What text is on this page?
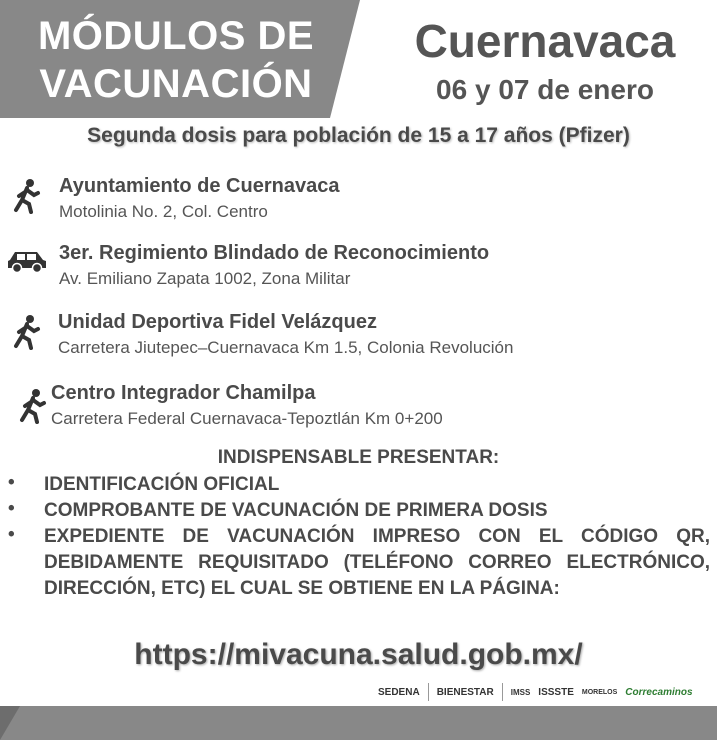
MÓDULOS DE
VACUNACIÓN
Cuernavaca
06 y 07 de enero
Segunda dosis para población de 15 a 17 años (Pfizer)
Ayuntamiento de Cuernavaca
Motolinia No. 2, Col. Centro
3er. Regimiento Blindado de Reconocimiento
Av. Emiliano Zapata 1002, Zona Militar
Unidad Deportiva Fidel Velázquez
Carretera Jiutepec–Cuernavaca Km 1.5, Colonia Revolución
Centro Integrador Chamilpa
Carretera Federal Cuernavaca-Tepoztlán Km 0+200
INDISPENSABLE PRESENTAR:
• IDENTIFICACIÓN OFICIAL
• COMPROBANTE DE VACUNACIÓN DE PRIMERA DOSIS
• EXPEDIENTE DE VACUNACIÓN IMPRESO CON EL CÓDIGO QR, DEBIDAMENTE REQUISITADO (TELÉFONO CORREO ELECTRÓNICO, DIRECCIÓN, ETC) EL CUAL SE OBTIENE EN LA PÁGINA:
https://mivacuna.salud.gob.mx/
SEDENA BIENESTAR IMSS ISSSTE MORELOS Correcaminos
